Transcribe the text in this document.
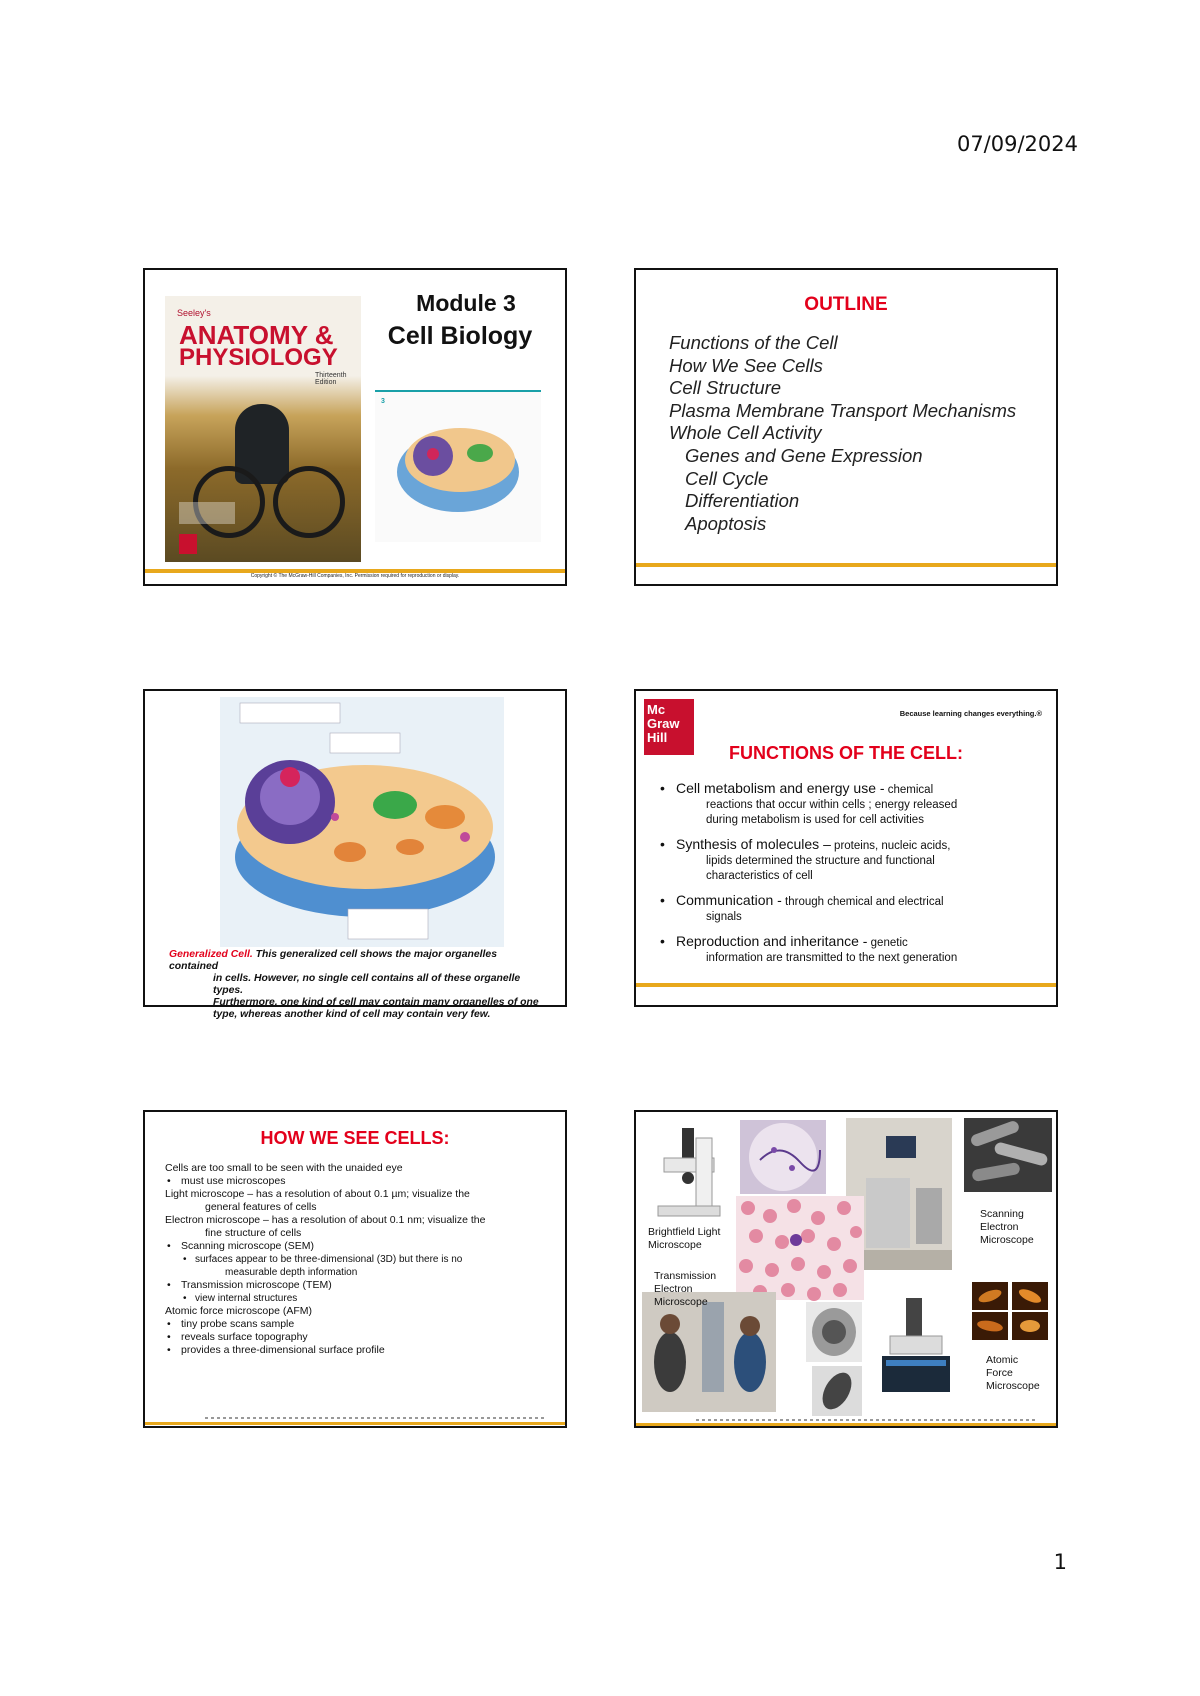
07/09/2024
Seeley's
ANATOMY &
PHYSIOLOGY
Thirteenth Edition
Module 3
Cell Biology
3
Copyright © The McGraw-Hill Companies, Inc. Permission required for reproduction or display.
OUTLINE
Functions of the Cell
How We See Cells
Cell Structure
Plasma Membrane Transport Mechanisms
Whole Cell Activity
Genes and Gene Expression
Cell Cycle
Differentiation
Apoptosis
Generalized Cell. This generalized cell shows the major organelles contained
in cells. However, no single cell contains all of these organelle types.
Furthermore, one kind of cell may contain many organelles of one
type, whereas another kind of cell may contain very few.
Mc
Graw
Hill
Because learning changes everything.®
FUNCTIONS OF THE CELL:
• Cell metabolism and energy use - chemical
reactions that occur within cells ; energy released
during metabolism is used for cell activities
• Synthesis of molecules – proteins, nucleic acids,
lipids determined the structure and functional
characteristics of cell
• Communication - through chemical and electrical
signals
• Reproduction and inheritance - genetic
information are transmitted to the next generation
HOW WE SEE CELLS:
Cells are too small to be seen with the unaided eye
• must use microscopes
Light microscope – has a resolution of about 0.1 µm; visualize the
general features of cells
Electron microscope – has a resolution of about 0.1 nm; visualize the
fine structure of cells
• Scanning microscope (SEM)
• surfaces appear to be three-dimensional (3D) but there is no
measurable depth information
• Transmission microscope (TEM)
• view internal structures
Atomic force microscope (AFM)
• tiny probe scans sample
• reveals surface topography
• provides a three-dimensional surface profile
Brightfield Light
Microscope
Scanning
Electron
Microscope
Transmission
Electron
Microscope
Atomic
Force
Microscope
1
